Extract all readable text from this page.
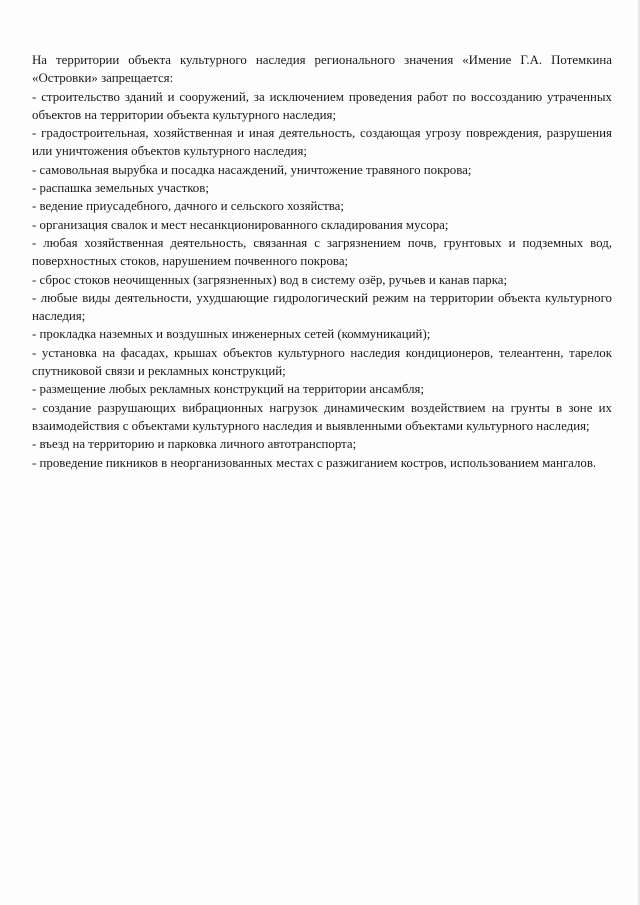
На территории объекта культурного наследия регионального значения «Имение Г.А. Потемкина «Островки» запрещается:

- строительство зданий и сооружений, за исключением проведения работ по воссозданию утраченных объектов на территории объекта культурного наследия;

- градостроительная, хозяйственная и иная деятельность, создающая угрозу повреждения, разрушения или уничтожения объектов культурного наследия;

- самовольная вырубка и посадка насаждений, уничтожение травяного покрова;

- распашка земельных участков;

- ведение приусадебного, дачного и сельского хозяйства;

- организация свалок и мест несанкционированного складирования мусора;

- любая хозяйственная деятельность, связанная с загрязнением почв, грунтовых и подземных вод, поверхностных стоков, нарушением почвенного покрова;

- сброс стоков неочищенных (загрязненных) вод в систему озёр, ручьев и канав парка;

- любые виды деятельности, ухудшающие гидрологический режим на территории объекта культурного наследия;

- прокладка наземных и воздушных инженерных сетей (коммуникаций);

- установка на фасадах, крышах объектов культурного наследия кондиционеров, телеантенн, тарелок спутниковой связи и рекламных конструкций;

- размещение любых рекламных конструкций на территории ансамбля;

- создание разрушающих вибрационных нагрузок динамическим воздействием на грунты в зоне их взаимодействия с объектами культурного наследия и выявленными объектами культурного наследия;

- въезд на территорию и парковка личного автотранспорта;

- проведение пикников в неорганизованных местах с разжиганием костров, использованием мангалов.
